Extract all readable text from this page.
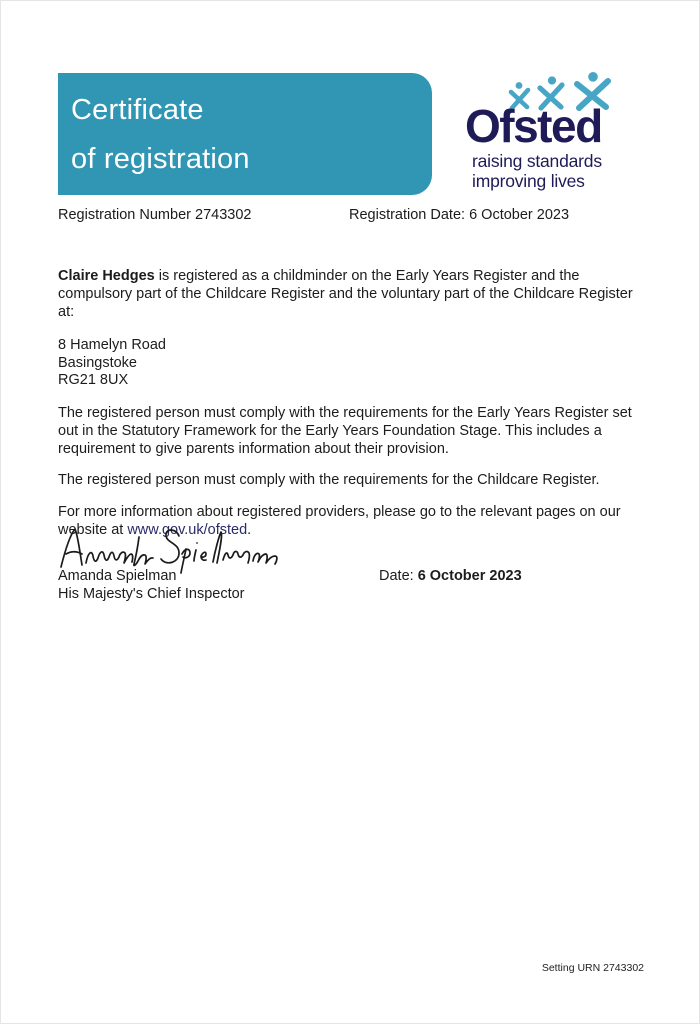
Certificate
of registration
Ofsted
raising standards
improving lives
Registration Number 2743302	Registration Date: 6 October 2023

Claire Hedges is registered as a childminder on the Early Years Register and the compulsory part of the Childcare Register and the voluntary part of the Childcare Register at:

8 Hamelyn Road
Basingstoke
RG21 8UX

The registered person must comply with the requirements for the Early Years Register set out in the Statutory Framework for the Early Years Foundation Stage. This includes a requirement to give parents information about their provision.

The registered person must comply with the requirements for the Childcare Register.

For more information about registered providers, please go to the relevant pages on our website at www.gov.uk/ofsted.

Amanda Spielman
His Majesty's Chief Inspector
Date: 6 October 2023
Setting URN 2743302
